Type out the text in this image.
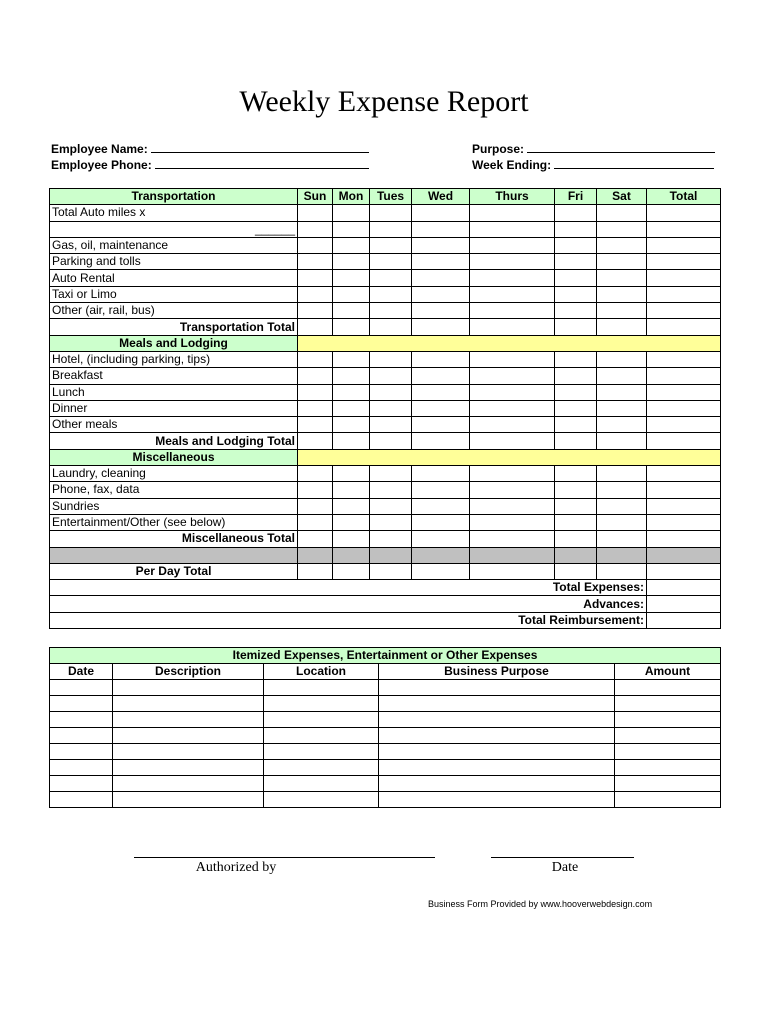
Weekly Expense Report
Employee Name:
Employee Phone:
Purpose:
Week Ending:
Transportation	Sun	Mon	Tues	Wed	Thurs	Fri	Sat	Total
Total Auto miles x								
______								
Gas, oil, maintenance								
Parking and tolls								
Auto Rental								
Taxi or Limo								
Other (air, rail, bus)								
Transportation Total								
Meals and Lodging								
Hotel, (including parking, tips)								
Breakfast								
Lunch								
Dinner								
Other meals								
Meals and Lodging Total								
Miscellaneous								
Laundry, cleaning								
Phone, fax, data								
Sundries								
Entertainment/Other (see below)								
Miscellaneous Total								

Per Day Total								
Total Expenses:								
Advances:								
Total Reimbursement:								
Itemized Expenses, Entertainment or Other Expenses				
Date	Description	Location	Business Purpose	Amount

Authorized by	Date
Business Form Provided by www.hooverwebdesign.com
